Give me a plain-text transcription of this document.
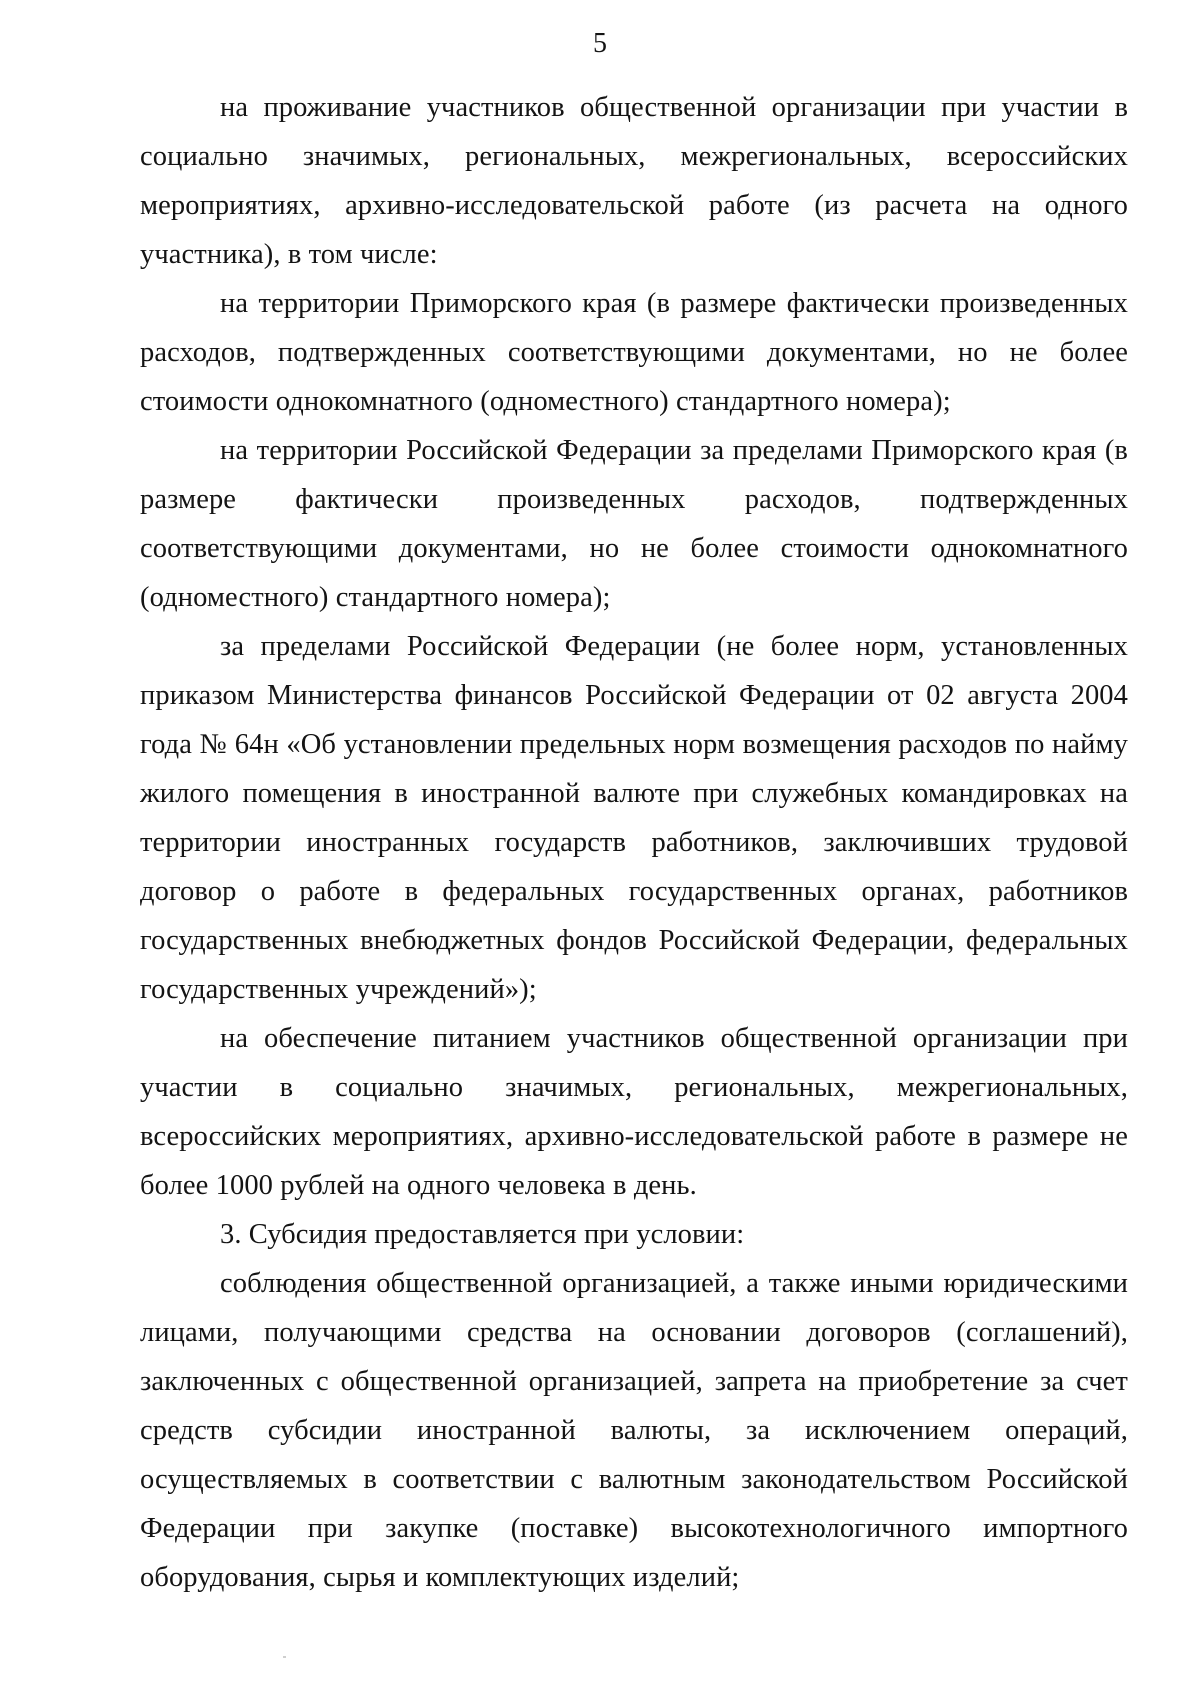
5

на проживание участников общественной организации при участии в социально значимых, региональных, межрегиональных, всероссийских мероприятиях, архивно-исследовательской работе (из расчета на одного участника), в том числе:

на территории Приморского края (в размере фактически произведенных расходов, подтвержденных соответствующими документами, но не более стоимости однокомнатного (одноместного) стандартного номера);

на территории Российской Федерации за пределами Приморского края (в размере фактически произведенных расходов, подтвержденных соответствующими документами, но не более стоимости однокомнатного (одноместного) стандартного номера);

за пределами Российской Федерации (не более норм, установленных приказом Министерства финансов Российской Федерации от 02 августа 2004 года № 64н «Об установлении предельных норм возмещения расходов по найму жилого помещения в иностранной валюте при служебных командировках на территории иностранных государств работников, заключивших трудовой договор о работе в федеральных государственных органах, работников государственных внебюджетных фондов Российской Федерации, федеральных государственных учреждений»);

на обеспечение питанием участников общественной организации при участии в социально значимых, региональных, межрегиональных, всероссийских мероприятиях, архивно-исследовательской работе в размере не более 1000 рублей на одного человека в день.

3. Субсидия предоставляется при условии:

соблюдения общественной организацией, а также иными юридическими лицами, получающими средства на основании договоров (соглашений), заключенных с общественной организацией, запрета на приобретение за счет средств субсидии иностранной валюты, за исключением операций, осуществляемых в соответствии с валютным законодательством Российской Федерации при закупке (поставке) высокотехнологичного импортного оборудования, сырья и комплектующих изделий;
